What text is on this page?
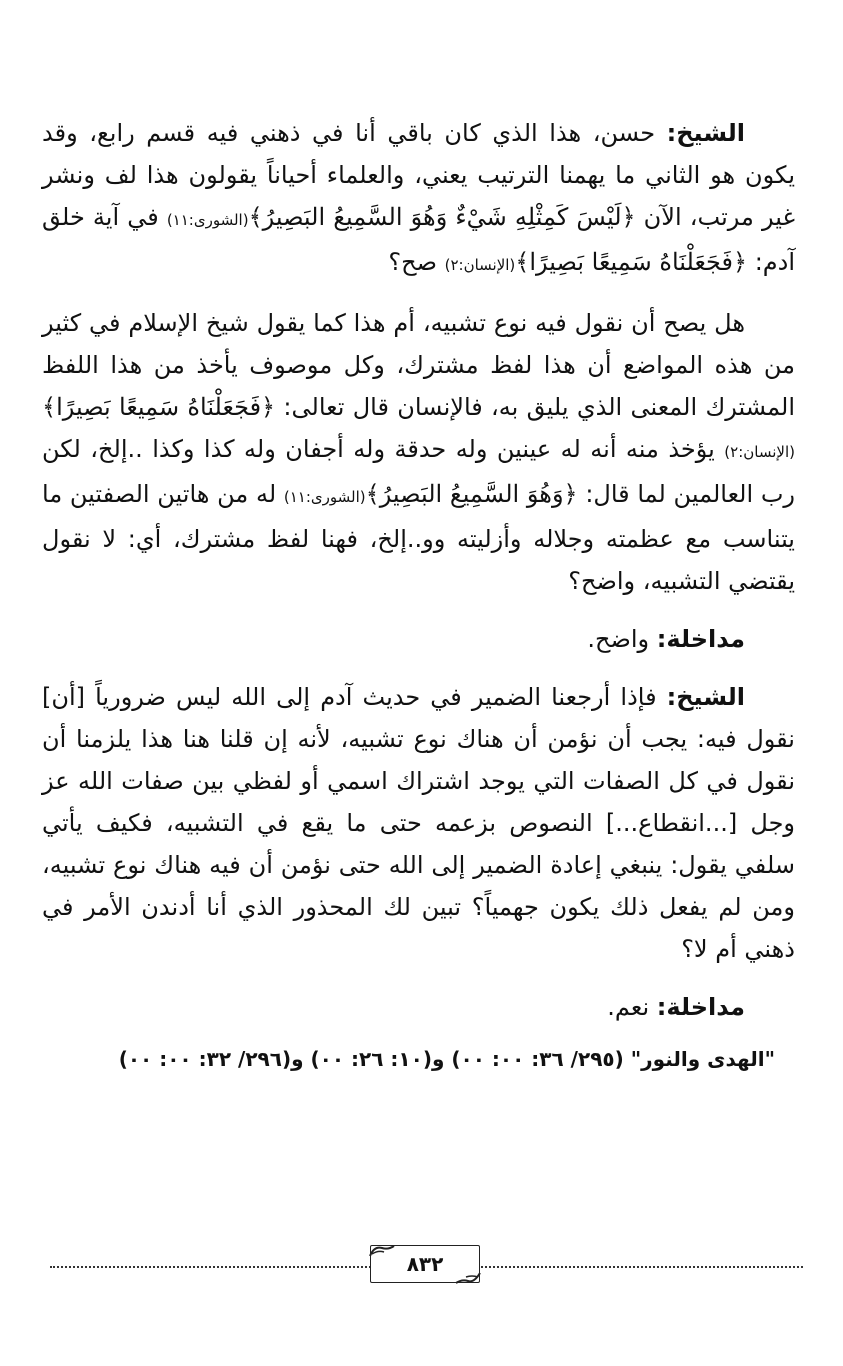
الشيخ: حسن، هذا الذي كان باقي أنا في ذهني فيه قسم رابع، وقد يكون هو الثاني ما يهمنا الترتيب يعني، والعلماء أحياناً يقولون هذا لف ونشر غير مرتب، الآن ﴿لَيْسَ كَمِثْلِهِ شَيْءٌ وَهُوَ السَّمِيعُ البَصِيرُ﴾(الشورى:١١) في آية خلق آدم: ﴿فَجَعَلْنَاهُ سَمِيعًا بَصِيرًا﴾(الإنسان:٢) صح؟

هل يصح أن نقول فيه نوع تشبيه، أم هذا كما يقول شيخ الإسلام في كثير من هذه المواضع أن هذا لفظ مشترك، وكل موصوف يأخذ من هذا اللفظ المشترك المعنى الذي يليق به، فالإنسان قال تعالى: ﴿فَجَعَلْنَاهُ سَمِيعًا بَصِيرًا﴾(الإنسان:٢) يؤخذ منه أنه له عينين وله حدقة وله أجفان وله كذا وكذا ..إلخ، لكن رب العالمين لما قال: ﴿وَهُوَ السَّمِيعُ البَصِيرُ﴾(الشورى:١١) له من هاتين الصفتين ما يتناسب مع عظمته وجلاله وأزليته وو..إلخ، فهنا لفظ مشترك، أي: لا نقول يقتضي التشبيه، واضح؟

مداخلة: واضح.

الشيخ: فإذا أرجعنا الضمير في حديث آدم إلى الله ليس ضرورياً [أن] نقول فيه: يجب أن نؤمن أن هناك نوع تشبيه، لأنه إن قلنا هنا هذا يلزمنا أن نقول في كل الصفات التي يوجد اشتراك اسمي أو لفظي بين صفات الله عز وجل [...انقطاع...] النصوص بزعمه حتى ما يقع في التشبيه، فكيف يأتي سلفي يقول: ينبغي إعادة الضمير إلى الله حتى نؤمن أن فيه هناك نوع تشبيه، ومن لم يفعل ذلك يكون جهمياً؟ تبين لك المحذور الذي أنا أدندن الأمر في ذهني أم لا؟

مداخلة: نعم.

"الهدى والنور" (٢٩٥/ ٣٦: ٠٠: ٠٠) و(١٠: ٢٦: ٠٠) و(٢٩٦/ ٣٢: ٠٠: ٠٠)

٨٣٢
